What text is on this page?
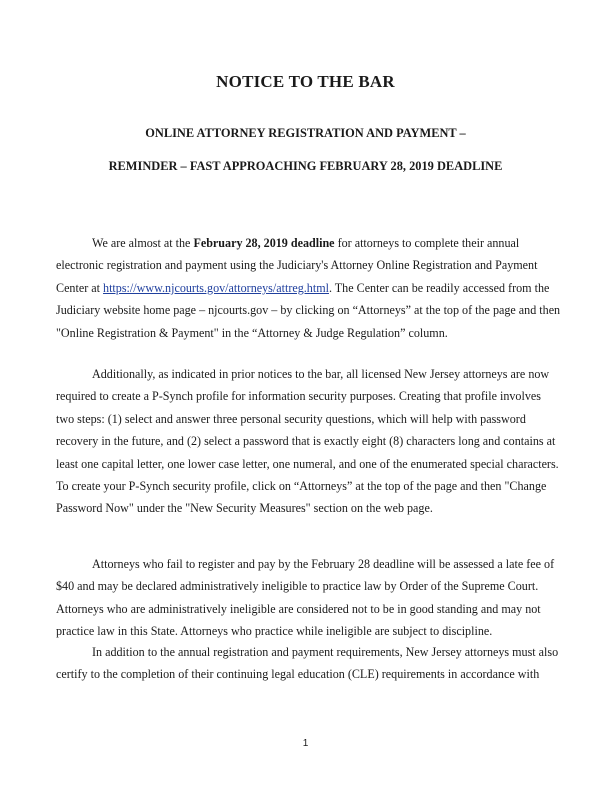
NOTICE TO THE BAR
ONLINE ATTORNEY REGISTRATION AND PAYMENT –
REMINDER – FAST APPROACHING FEBRUARY 28, 2019 DEADLINE
We are almost at the February 28, 2019 deadline for attorneys to complete their annual
electronic registration and payment using the Judiciary's Attorney Online Registration and Payment
Center at https://www.njcourts.gov/attorneys/attreg.html. The Center can be readily accessed from the
Judiciary website home page – njcourts.gov – by clicking on “Attorneys” at the top of the page and then
"Online Registration & Payment" in the “Attorney & Judge Regulation” column.
Additionally, as indicated in prior notices to the bar, all licensed New Jersey attorneys are now
required to create a P-Synch profile for information security purposes. Creating that profile involves
two steps: (1) select and answer three personal security questions, which will help with password
recovery in the future, and (2) select a password that is exactly eight (8) characters long and contains at
least one capital letter, one lower case letter, one numeral, and one of the enumerated special characters.
To create your P-Synch security profile, click on “Attorneys” at the top of the page and then "Change
Password Now" under the "New Security Measures" section on the web page.
Attorneys who fail to register and pay by the February 28 deadline will be assessed a late fee of
$40 and may be declared administratively ineligible to practice law by Order of the Supreme Court.
Attorneys who are administratively ineligible are considered not to be in good standing and may not
practice law in this State. Attorneys who practice while ineligible are subject to discipline.
In addition to the annual registration and payment requirements, New Jersey attorneys must also
certify to the completion of their continuing legal education (CLE) requirements in accordance with
1
